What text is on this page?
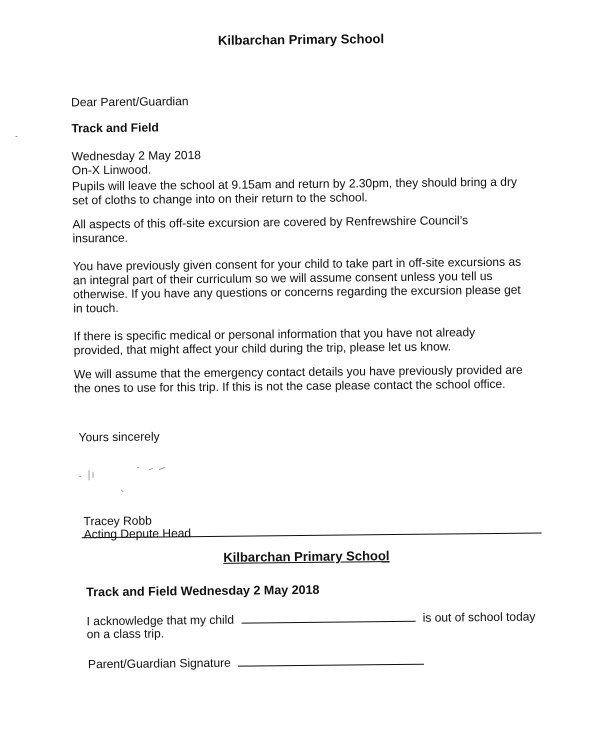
Kilbarchan Primary School
Dear Parent/Guardian
Track and Field
Wednesday 2 May 2018
On-X Linwood.
Pupils will leave the school at 9.15am and return by 2.30pm, they should bring a dry
set of cloths to change into on their return to the school.
All aspects of this off-site excursion are covered by Renfrewshire Council’s
insurance.
You have previously given consent for your child to take part in off-site excursions as
an integral part of their curriculum so we will assume consent unless you tell us
otherwise. If you have any questions or concerns regarding the excursion please get
in touch.
If there is specific medical or personal information that you have not already
provided, that might affect your child during the trip, please let us know.
We will assume that the emergency contact details you have previously provided are
the ones to use for this trip. If this is not the case please contact the school office.
Yours sincerely
Tracey Robb
Acting Depute Head
Kilbarchan Primary School
Track and Field Wednesday 2 May 2018
I acknowledge that my child	is out of school today
on a class trip.
Parent/Guardian Signature
